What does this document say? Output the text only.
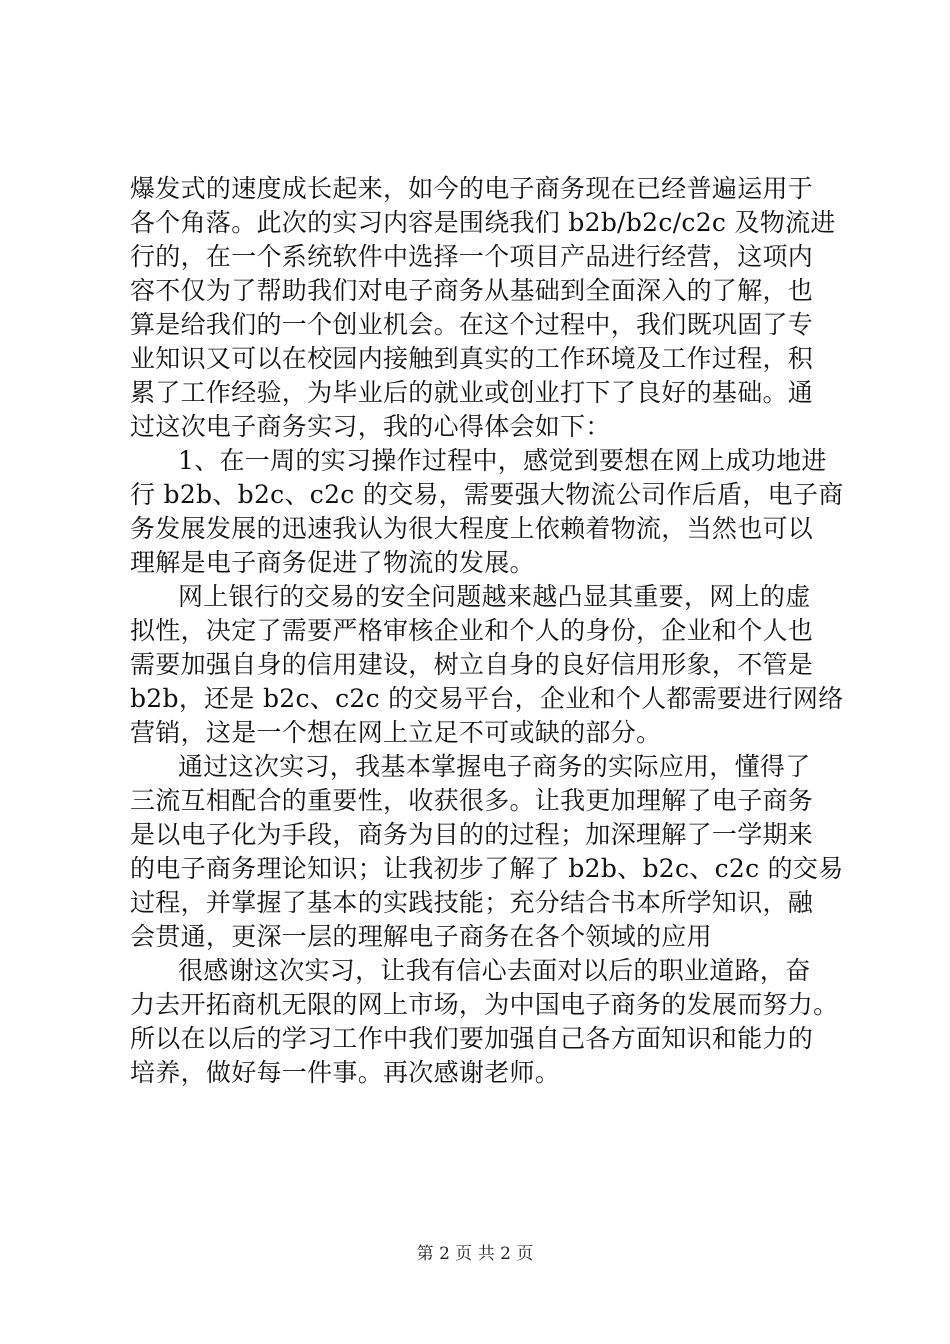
爆发式的速度成长起来，如今的电子商务现在已经普遍运用于
各个角落。此次的实习内容是围绕我们 b2b/b2c/c2c 及物流进
行的，在一个系统软件中选择一个项目产品进行经营，这项内
容不仅为了帮助我们对电子商务从基础到全面深入的了解，也
算是给我们的一个创业机会。在这个过程中，我们既巩固了专
业知识又可以在校园内接触到真实的工作环境及工作过程，积
累了工作经验，为毕业后的就业或创业打下了良好的基础。通
过这次电子商务实习，我的心得体会如下：
1、在一周的实习操作过程中，感觉到要想在网上成功地进
行 b2b、b2c、c2c 的交易，需要强大物流公司作后盾，电子商
务发展发展的迅速我认为很大程度上依赖着物流，当然也可以
理解是电子商务促进了物流的发展。
网上银行的交易的安全问题越来越凸显其重要，网上的虚
拟性，决定了需要严格审核企业和个人的身份，企业和个人也
需要加强自身的信用建设，树立自身的良好信用形象，不管是
b2b，还是 b2c、c2c 的交易平台，企业和个人都需要进行网络
营销，这是一个想在网上立足不可或缺的部分。
通过这次实习，我基本掌握电子商务的实际应用，懂得了
三流互相配合的重要性，收获很多。让我更加理解了电子商务
是以电子化为手段，商务为目的的过程；加深理解了一学期来
的电子商务理论知识；让我初步了解了 b2b、b2c、c2c 的交易
过程，并掌握了基本的实践技能；充分结合书本所学知识，融
会贯通，更深一层的理解电子商务在各个领域的应用
很感谢这次实习，让我有信心去面对以后的职业道路，奋
力去开拓商机无限的网上市场，为中国电子商务的发展而努力。
所以在以后的学习工作中我们要加强自己各方面知识和能力的
培养，做好每一件事。再次感谢老师。
第 2 页 共 2 页
